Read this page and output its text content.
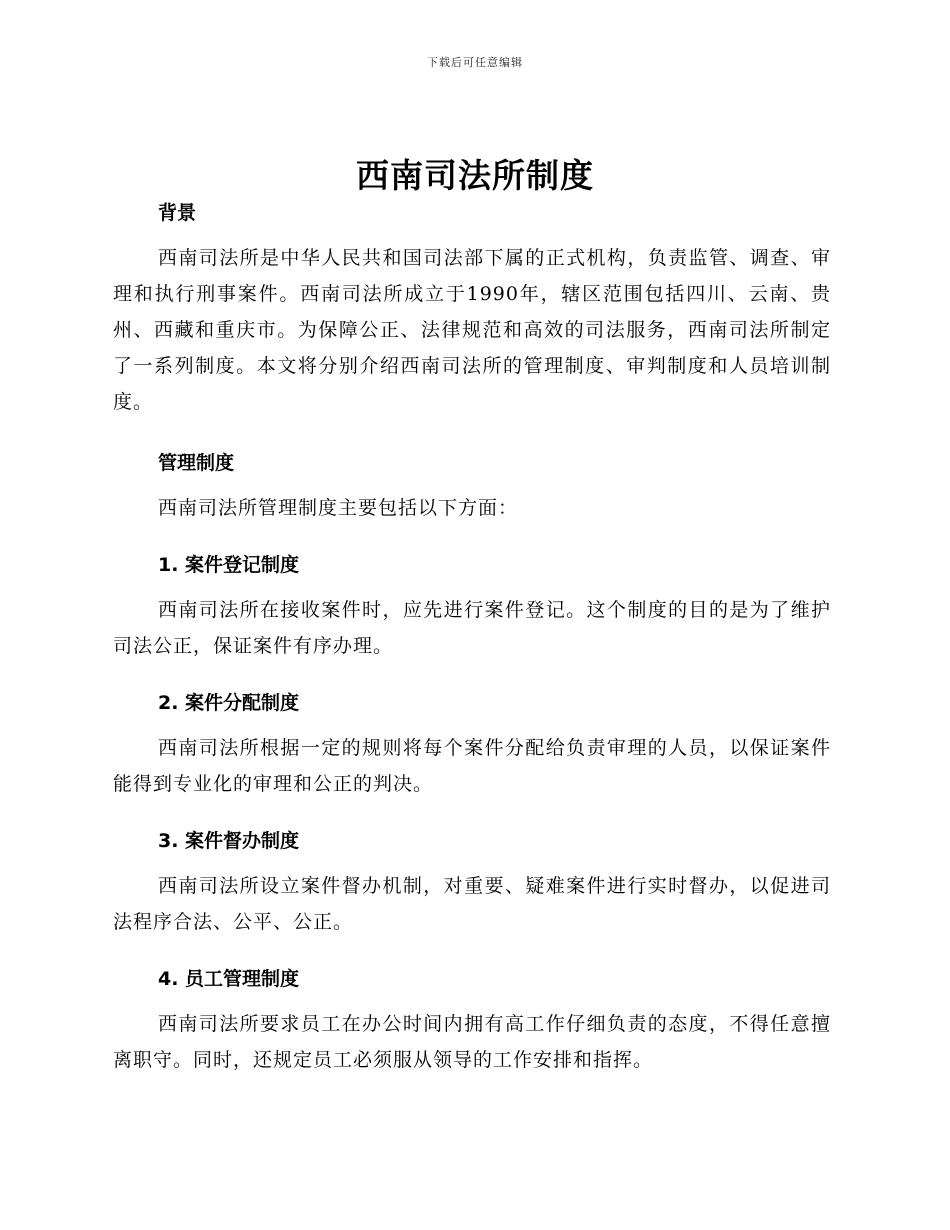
下载后可任意编辑
西南司法所制度
背景

西南司法所是中华人民共和国司法部下属的正式机构，负责监管、调查、审理和执行刑事案件。西南司法所成立于1990年，辖区范围包括四川、云南、贵州、西藏和重庆市。为保障公正、法律规范和高效的司法服务，西南司法所制定了一系列制度。本文将分别介绍西南司法所的管理制度、审判制度和人员培训制度。

管理制度

西南司法所管理制度主要包括以下方面：

1. 案件登记制度

西南司法所在接收案件时，应先进行案件登记。这个制度的目的是为了维护司法公正，保证案件有序办理。

2. 案件分配制度

西南司法所根据一定的规则将每个案件分配给负责审理的人员，以保证案件能得到专业化的审理和公正的判决。

3. 案件督办制度

西南司法所设立案件督办机制，对重要、疑难案件进行实时督办，以促进司法程序合法、公平、公正。

4. 员工管理制度

西南司法所要求员工在办公时间内拥有高工作仔细负责的态度，不得任意擅离职守。同时，还规定员工必须服从领导的工作安排和指挥。
